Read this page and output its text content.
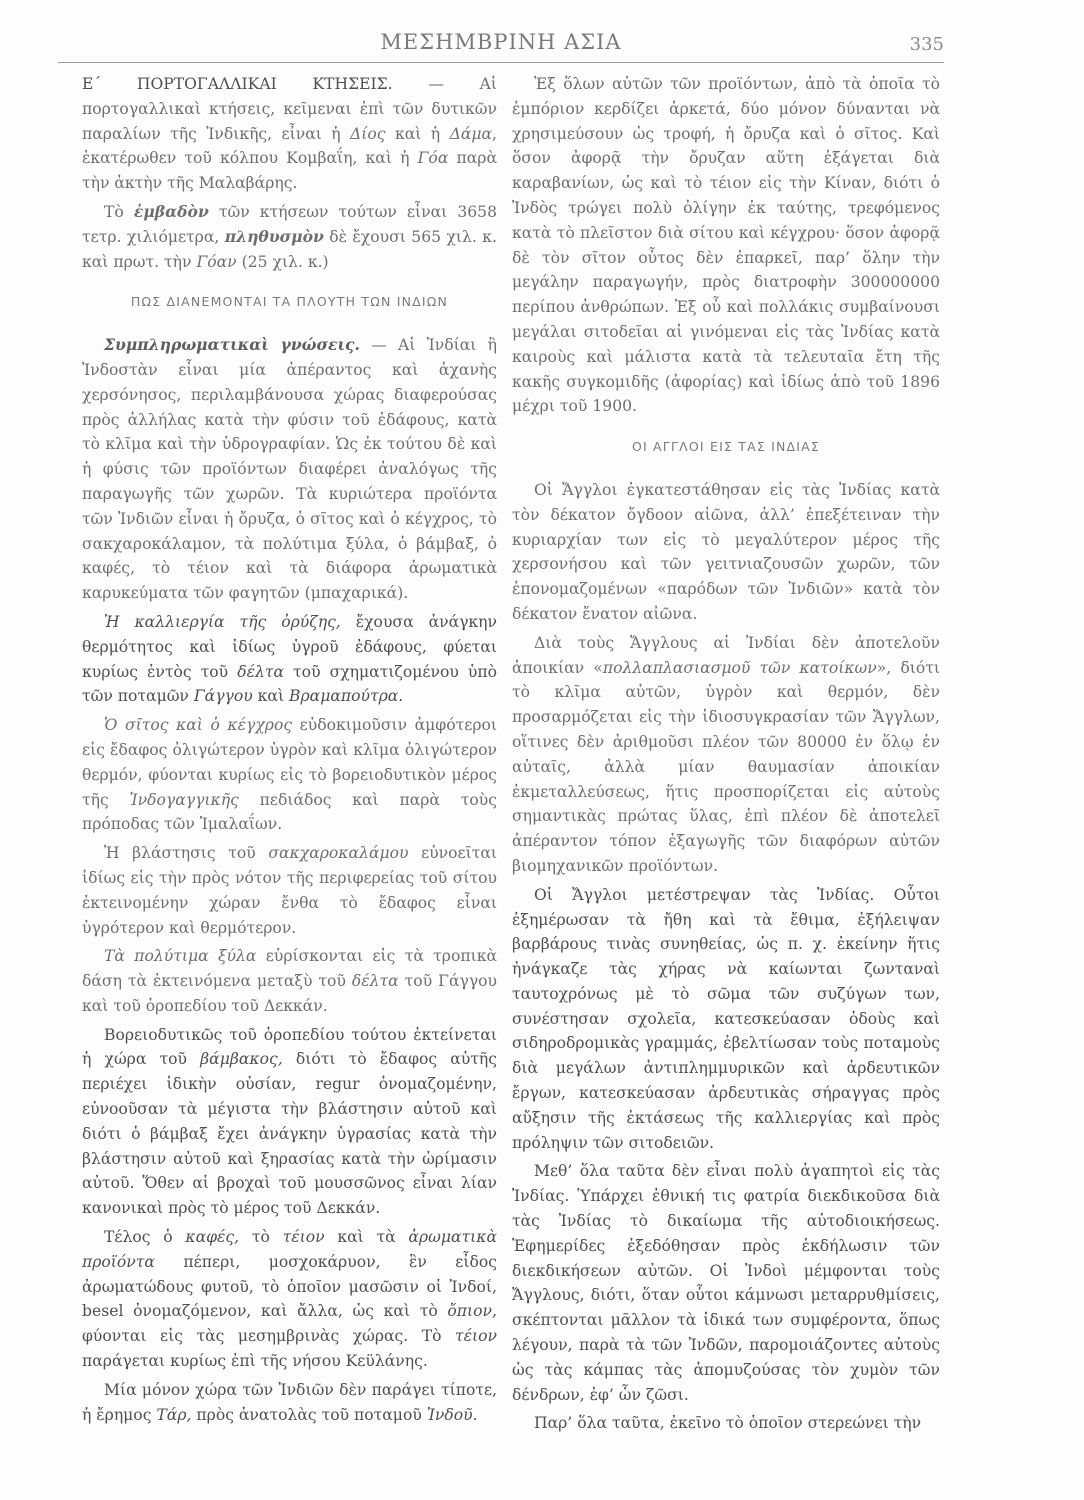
ΜΕΣΗΜΒΡΙΝΗ ΑΣΙΑ	335

Ε΄ ΠΟΡΤΟΓΑΛΛΙΚΑΙ ΚΤΗΣΕΙΣ. — Αἱ πορτογαλλικαὶ κτήσεις, κεῖμεναι ἐπὶ τῶν δυτικῶν παραλίων τῆς Ἰνδικῆς, εἶναι ἡ Δίος καὶ ἡ Δάμα, ἑκατέρωθεν τοῦ κόλπου Κομβαΐη, καὶ ἡ Γόα παρὰ τὴν ἀκτὴν τῆς Μαλαβάρης.

Τὸ ἐμβαδὸν τῶν κτήσεων τούτων εἶναι 3658 τετρ. χιλιόμετρα, πληθυσμὸν δὲ ἔχουσι 565 χιλ. κ. καὶ πρωτ. τὴν Γόαν (25 χιλ. κ.)

ΠΩΣ ΔΙΑΝΕΜΟΝΤΑΙ ΤΑ ΠΛΟΥΤΗ ΤΩΝ ΙΝΔΙΩΝ

Συμπληρωματικαὶ γνώσεις. — Αἱ Ἰνδίαι ἢ Ἰνδοστὰν εἶναι μία ἀπέραντος καὶ ἀχανὴς χερσόνησος, περιλαμβάνουσα χώρας διαφερούσας πρὸς ἀλλήλας κατὰ τὴν φύσιν τοῦ ἐδάφους, κατὰ τὸ κλῖμα καὶ τὴν ὑδρογραφίαν. Ὡς ἐκ τούτου δὲ καὶ ἡ φύσις τῶν προϊόντων διαφέρει ἀναλόγως τῆς παραγωγῆς τῶν χωρῶν. Τὰ κυριώτερα προϊόντα τῶν Ἰνδιῶν εἶναι ἡ ὄρυζα, ὁ σῖτος καὶ ὁ κέγχρος, τὸ σακχαροκάλαμον, τὰ πολύτιμα ξύλα, ὁ βάμβαξ, ὁ καφές, τὸ τέιον καὶ τὰ διάφορα ἀρωματικὰ καρυκεύματα τῶν φαγητῶν (μπαχαρικά).

Ἡ καλλιεργία τῆς ὀρύζης, ἔχουσα ἀνάγκην θερμότητος καὶ ἰδίως ὑγροῦ ἐδάφους, φύεται κυρίως ἐντὸς τοῦ δέλτα τοῦ σχηματιζομένου ὑπὸ τῶν ποταμῶν Γάγγου καὶ Βραμαπούτρα.

Ὁ σῖτος καὶ ὁ κέγχρος εὐδοκιμοῦσιν ἀμφότεροι εἰς ἔδαφος ὀλιγώτερον ὑγρὸν καὶ κλῖμα ὀλιγώτερον θερμόν, φύονται κυρίως εἰς τὸ βορειοδυτικὸν μέρος τῆς Ἰνδογαγγικῆς πεδιάδος καὶ παρὰ τοὺς πρόποδας τῶν Ἱμαλαΐων.

Ἡ βλάστησις τοῦ σακχαροκαλάμου εὐνοεῖται ἰδίως εἰς τὴν πρὸς νότον τῆς περιφερείας τοῦ σίτου ἐκτεινομένην χώραν ἔνθα τὸ ἔδαφος εἶναι ὑγρότερον καὶ θερμότερον.

Τὰ πολύτιμα ξύλα εὑρίσκονται εἰς τὰ τροπικὰ δάση τὰ ἐκτεινόμενα μεταξὺ τοῦ δέλτα τοῦ Γάγγου καὶ τοῦ ὀροπεδίου τοῦ Δεκκάν.

Βορειοδυτικῶς τοῦ ὀροπεδίου τούτου ἐκτείνεται ἡ χώρα τοῦ βάμβακος, διότι τὸ ἔδαφος αὐτῆς περιέχει ἰδικὴν οὐσίαν, regur ὀνομαζομένην, εὐνοοῦσαν τὰ μέγιστα τὴν βλάστησιν αὐτοῦ καὶ διότι ὁ βάμβαξ ἔχει ἀνάγκην ὑγρασίας κατὰ τὴν βλάστησιν αὐτοῦ καὶ ξηρασίας κατὰ τὴν ὡρίμασιν αὐτοῦ. Ὅθεν αἱ βροχαὶ τοῦ μουσσῶνος εἶναι λίαν κανονικαὶ πρὸς τὸ μέρος τοῦ Δεκκάν.

Τέλος ὁ καφές, τὸ τέιον καὶ τὰ ἀρωματικὰ προϊόντα πέπερι, μοσχοκάρυον, ἓν εἶδος ἀρωματώδους φυτοῦ, τὸ ὁποῖον μασῶσιν οἱ Ἰνδοί, besel ὀνομαζόμενον, καὶ ἄλλα, ὡς καὶ τὸ ὄπιον, φύονται εἰς τὰς μεσημβρινὰς χώρας. Τὸ τέιον παράγεται κυρίως ἐπὶ τῆς νήσου Κεϋλάνης.

Μία μόνον χώρα τῶν Ἰνδιῶν δὲν παράγει τίποτε, ἡ ἔρημος Τάρ, πρὸς ἀνατολὰς τοῦ ποταμοῦ Ἰνδοῦ.

Ἐξ ὅλων αὐτῶν τῶν προϊόντων, ἀπὸ τὰ ὁποῖα τὸ ἐμπόριον κερδίζει ἀρκετά, δύο μόνον δύνανται νὰ χρησιμεύσουν ὡς τροφή, ἡ ὄρυζα καὶ ὁ σῖτος. Καὶ ὅσον ἀφορᾷ τὴν ὄρυζαν αὕτη ἐξάγεται διὰ καραβανίων, ὡς καὶ τὸ τέιον εἰς τὴν Κίναν, διότι ὁ Ἰνδὸς τρώγει πολὺ ὀλίγην ἐκ ταύτης, τρεφόμενος κατὰ τὸ πλεῖστον διὰ σίτου καὶ κέγχρου· ὅσον ἀφορᾷ δὲ τὸν σῖτον οὗτος δὲν ἐπαρκεῖ, παρ’ ὅλην τὴν μεγάλην παραγωγήν, πρὸς διατροφὴν 300000000 περίπου ἀνθρώπων. Ἐξ οὗ καὶ πολλάκις συμβαίνουσι μεγάλαι σιτοδεῖαι αἱ γινόμεναι εἰς τὰς Ἰνδίας κατὰ καιροὺς καὶ μάλιστα κατὰ τὰ τελευταῖα ἔτη τῆς κακῆς συγκομιδῆς (ἀφορίας) καὶ ἰδίως ἀπὸ τοῦ 1896 μέχρι τοῦ 1900.

ΟΙ ΑΓΓΛΟΙ ΕΙΣ ΤΑΣ ΙΝΔΙΑΣ

Οἱ Ἄγγλοι ἐγκατεστάθησαν εἰς τὰς Ἰνδίας κατὰ τὸν δέκατον ὄγδοον αἰῶνα, ἀλλ’ ἐπεξέτειναν τὴν κυριαρχίαν των εἰς τὸ μεγαλύτερον μέρος τῆς χερσονήσου καὶ τῶν γειτνιαζουσῶν χωρῶν, τῶν ἐπονομαζομένων «παρόδων τῶν Ἰνδιῶν» κατὰ τὸν δέκατον ἔνατον αἰῶνα.

Διὰ τοὺς Ἄγγλους αἱ Ἰνδίαι δὲν ἀποτελοῦν ἀποικίαν «πολλαπλασιασμοῦ τῶν κατοίκων», διότι τὸ κλῖμα αὐτῶν, ὑγρὸν καὶ θερμόν, δὲν προσαρμόζεται εἰς τὴν ἰδιοσυγκρασίαν τῶν Ἄγγλων, οἵτινες δὲν ἀριθμοῦσι πλέον τῶν 80000 ἐν ὅλῳ ἐν αὐταῖς, ἀλλὰ μίαν θαυμασίαν ἀποικίαν ἐκμεταλλεύσεως, ἥτις προσπορίζεται εἰς αὐτοὺς σημαντικὰς πρώτας ὕλας, ἐπὶ πλέον δὲ ἀποτελεῖ ἀπέραντον τόπον ἐξαγωγῆς τῶν διαφόρων αὐτῶν βιομηχανικῶν προϊόντων.

Οἱ Ἄγγλοι μετέστρεψαν τὰς Ἰνδίας. Οὗτοι ἐξημέρωσαν τὰ ἤθη καὶ τὰ ἔθιμα, ἐξήλειψαν βαρβάρους τινὰς συνηθείας, ὡς π. χ. ἐκείνην ἥτις ἠνάγκαζε τὰς χήρας νὰ καίωνται ζωνταναὶ ταυτοχρόνως μὲ τὸ σῶμα τῶν συζύγων των, συνέστησαν σχολεῖα, κατεσκεύασαν ὁδοὺς καὶ σιδηροδρομικὰς γραμμάς, ἐβελτίωσαν τοὺς ποταμοὺς διὰ μεγάλων ἀντιπλημμυρικῶν καὶ ἀρδευτικῶν ἔργων, κατεσκεύασαν ἀρδευτικὰς σήραγγας πρὸς αὔξησιν τῆς ἐκτάσεως τῆς καλλιεργίας καὶ πρὸς πρόληψιν τῶν σιτοδειῶν.

Μεθ’ ὅλα ταῦτα δὲν εἶναι πολὺ ἀγαπητοὶ εἰς τὰς Ἰνδίας. Ὑπάρχει ἐθνική τις φατρία διεκδικοῦσα διὰ τὰς Ἰνδίας τὸ δικαίωμα τῆς αὐτοδιοικήσεως. Ἐφημερίδες ἐξεδόθησαν πρὸς ἐκδήλωσιν τῶν διεκδικήσεων αὐτῶν. Οἱ Ἰνδοὶ μέμφονται τοὺς Ἄγγλους, διότι, ὅταν οὗτοι κάμνωσι μεταρρυθμίσεις, σκέπτονται μᾶλλον τὰ ἰδικά των συμφέροντα, ὅπως λέγουν, παρὰ τὰ τῶν Ἰνδῶν, παρομοιάζοντες αὐτοὺς ὡς τὰς κάμπας τὰς ἀπομυζούσας τὸν χυμὸν τῶν δένδρων, ἐφ’ ὧν ζῶσι.

Παρ’ ὅλα ταῦτα, ἐκεῖνο τὸ ὁποῖον στερεώνει τὴν
